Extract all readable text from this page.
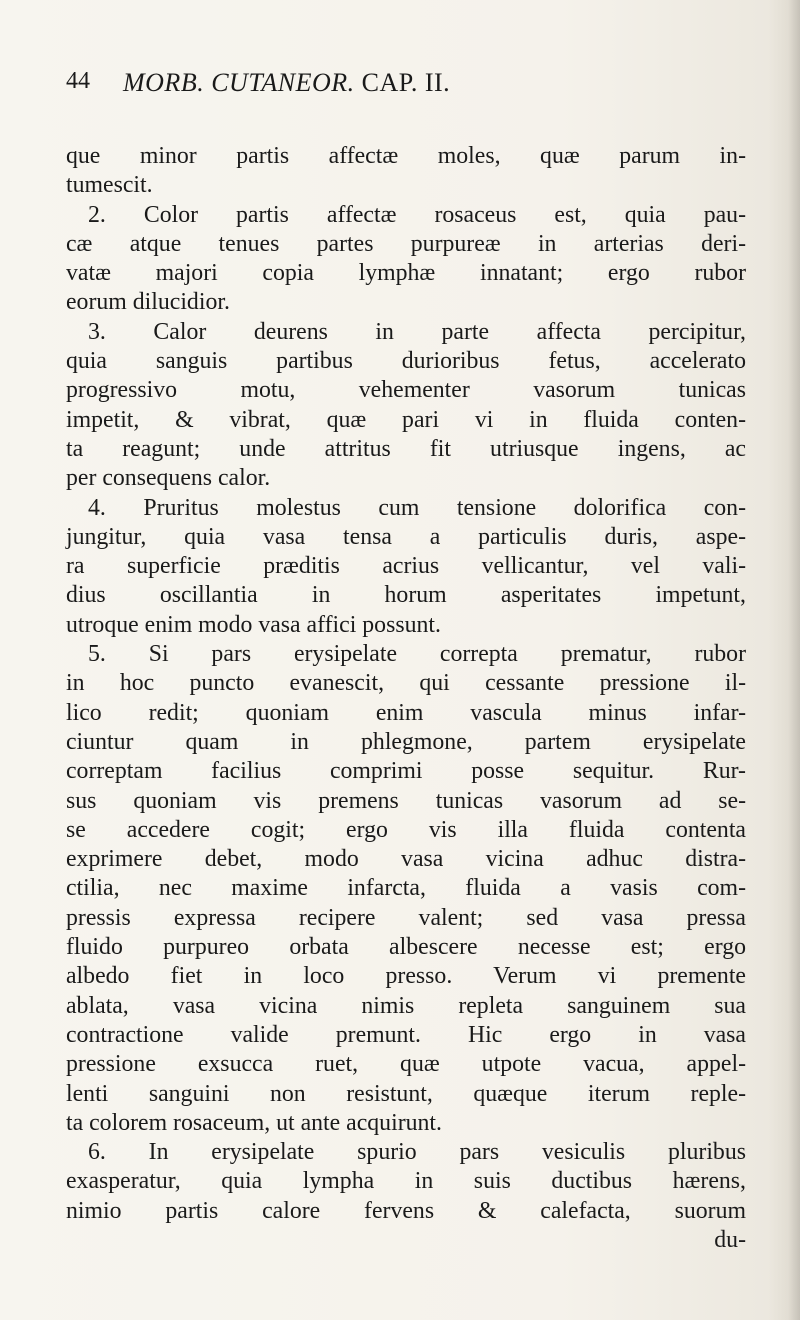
44 MORB. CUTANEOR. CAP. II.
que minor partis affectæ moles, quæ parum in-
tumescit.
2. Color partis affectæ rosaceus est, quia pau-
cæ atque tenues partes purpureæ in arterias deri-
vatæ majori copia lymphæ innatant; ergo rubor
eorum dilucidior.
3. Calor deurens in parte affecta percipitur,
quia sanguis partibus durioribus fetus, accelerato
progressivo motu, vehementer vasorum tunicas
impetit, & vibrat, quæ pari vi in fluida conten-
ta reagunt; unde attritus fit utriusque ingens, ac
per consequens calor.
4. Pruritus molestus cum tensione dolorifica con-
jungitur, quia vasa tensa a particulis duris, aspe-
ra superficie præditis acrius vellicantur, vel vali-
dius oscillantia in horum asperitates impetunt,
utroque enim modo vasa affici possunt.
5. Si pars erysipelate correpta prematur, rubor
in hoc puncto evanescit, qui cessante pressione il-
lico redit; quoniam enim vascula minus infar-
ciuntur quam in phlegmone, partem erysipelate
correptam facilius comprimi posse sequitur. Rur-
sus quoniam vis premens tunicas vasorum ad se-
se accedere cogit; ergo vis illa fluida contenta
exprimere debet, modo vasa vicina adhuc distra-
ctilia, nec maxime infarcta, fluida a vasis com-
pressis expressa recipere valent; sed vasa pressa
fluido purpureo orbata albescere necesse est; ergo
albedo fiet in loco presso. Verum vi premente
ablata, vasa vicina nimis repleta sanguinem sua
contractione valide premunt. Hic ergo in vasa
pressione exsucca ruet, quæ utpote vacua, appel-
lenti sanguini non resistunt, quæque iterum reple-
ta colorem rosaceum, ut ante acquirunt.
6. In erysipelate spurio pars vesiculis pluribus
exasperatur, quia lympha in suis ductibus hærens,
nimio partis calore fervens & calefacta, suorum
du-
